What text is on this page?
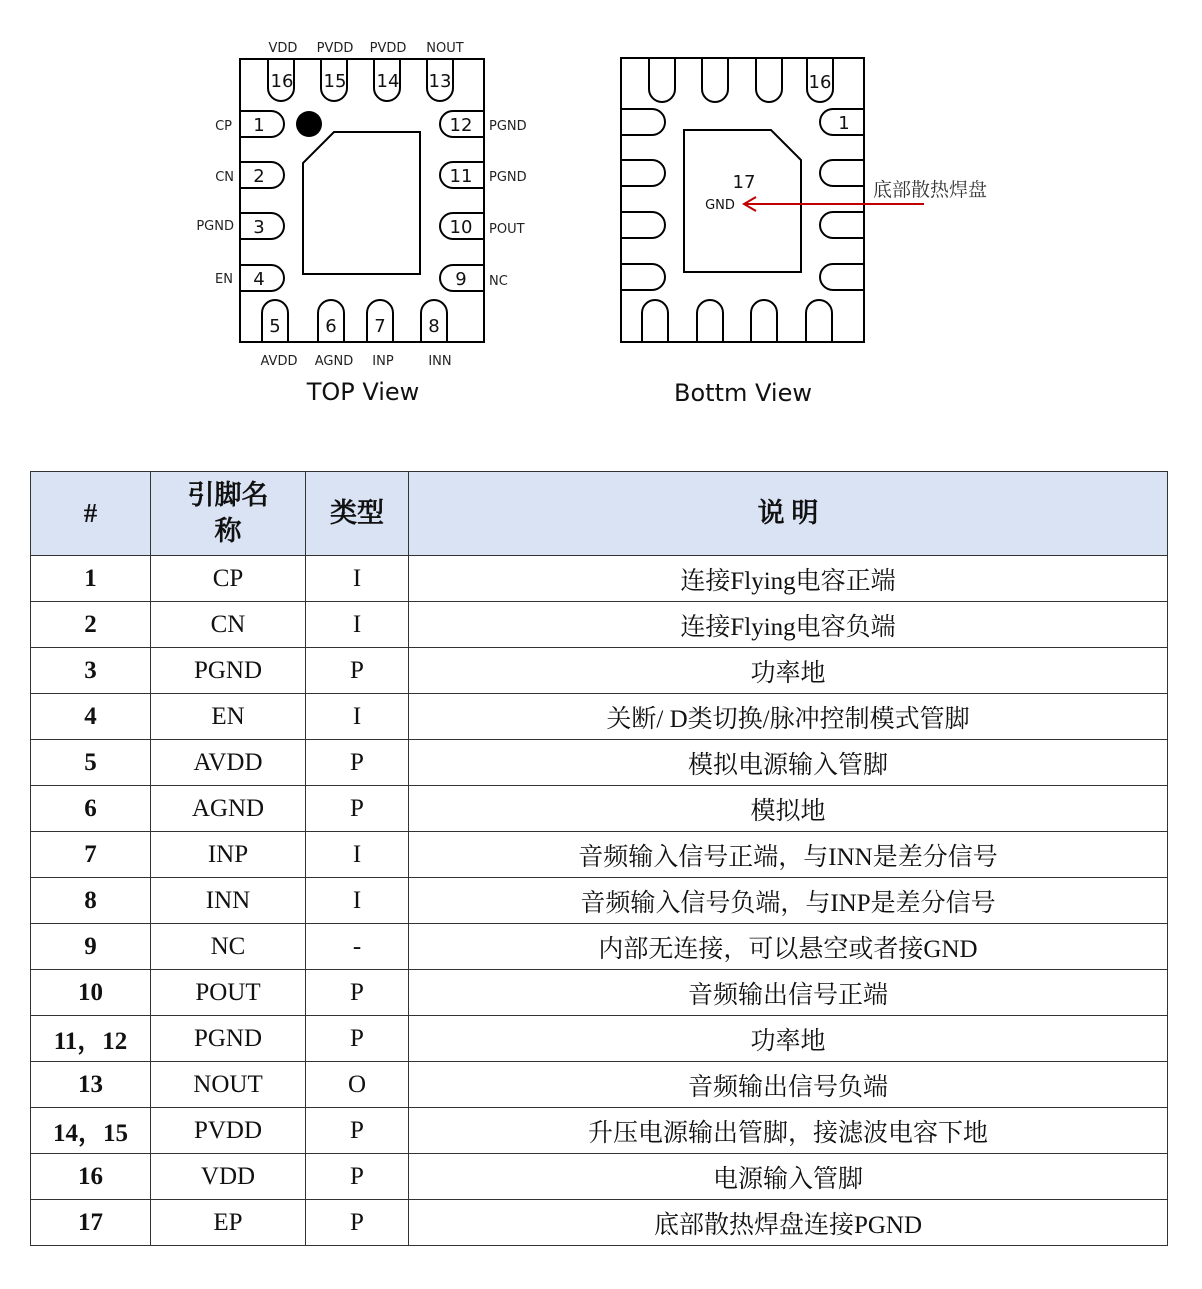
16 15 14 13
1
2
3
4
12
11
10
9
5 6 7 8
VDD PVDD PVDD NOUT
CP
CN
PGND
EN
PGND
PGND
POUT
NC
AVDD AGND INP	INN
TOP View
16
1
17
GND
底部散热焊盘
Bottm View
#	引脚名称	类型	说 明
1	CP	I	连接Flying电容正端
2	CN	I	连接Flying电容负端
3	PGND	P	功率地
4	EN	I	关断/ D类切换/脉冲控制模式管脚
5	AVDD	P	模拟电源输入管脚
6	AGND	P	模拟地
7	INP	I	音频输入信号正端，与INN是差分信号
8	INN	I	音频输入信号负端，与INP是差分信号
9	NC	-	内部无连接，可以悬空或者接GND
10	POUT	P	音频输出信号正端
11，12	PGND	P	功率地
13	NOUT	O	音频输出信号负端
14，15	PVDD	P	升压电源输出管脚，接滤波电容下地
16	VDD	P	电源输入管脚
17	EP	P	底部散热焊盘连接PGND
